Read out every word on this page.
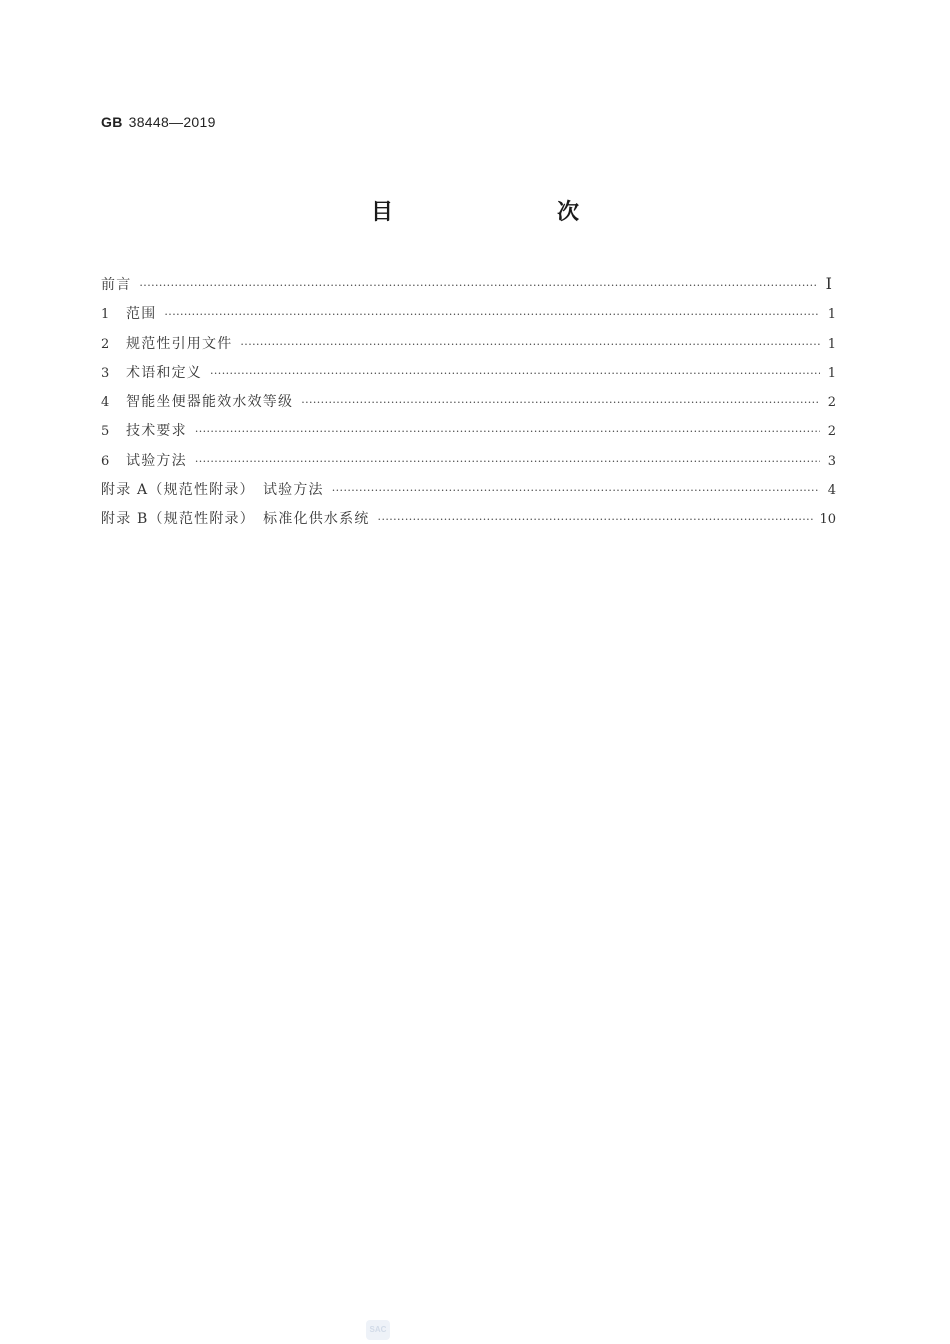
GB 38448—2019
目　　次
前言 ·····	I
1	范围 ·····	1
2	规范性引用文件 ·····	1
3	术语和定义 ·····	1
4	智能坐便器能效水效等级 ·····	2
5	技术要求 ·····	2
6	试验方法 ·····	3
附录 A（规范性附录）　试验方法 ·····	4
附录 B（规范性附录）　标准化供水系统 ·····	10
SAC
